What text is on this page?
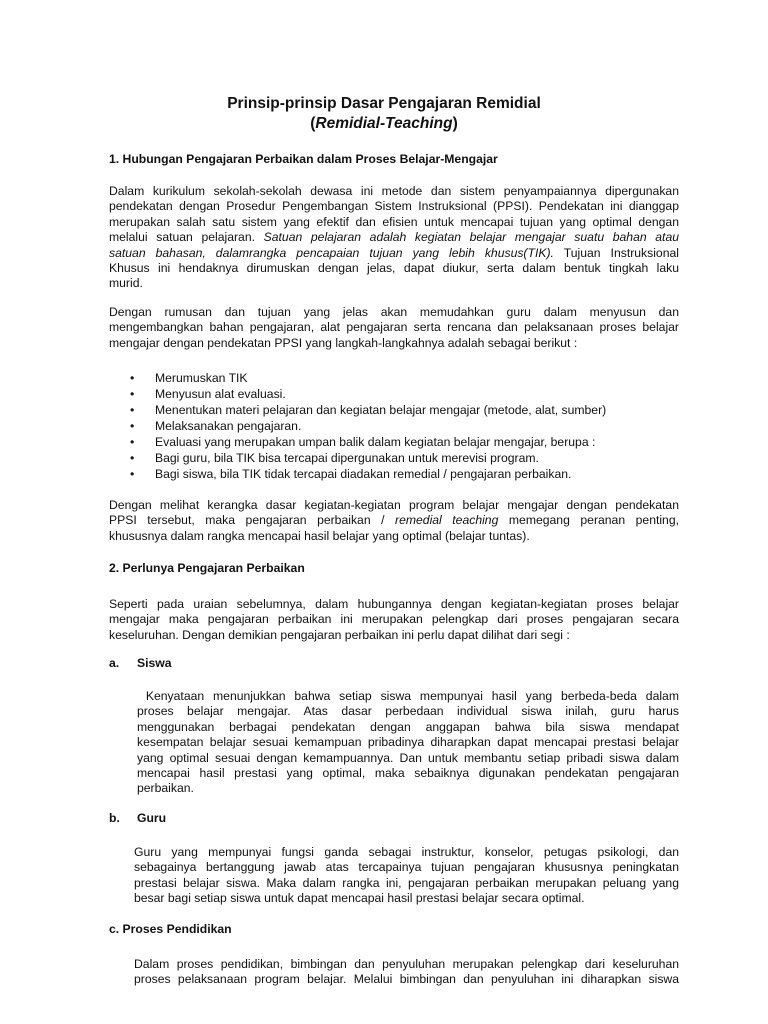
Prinsip-prinsip Dasar Pengajaran Remidial
(Remidial-Teaching)
1. Hubungan Pengajaran Perbaikan dalam Proses Belajar-Mengajar
Dalam kurikulum sekolah-sekolah dewasa ini metode dan sistem penyampaiannya dipergunakan
pendekatan dengan Prosedur Pengembangan Sistem Instruksional (PPSI). Pendekatan ini dianggap
merupakan salah satu sistem yang efektif dan efisien untuk mencapai tujuan yang optimal dengan
melalui satuan pelajaran. Satuan pelajaran adalah kegiatan belajar mengajar suatu bahan atau
satuan bahasan, dalamrangka pencapaian tujuan yang lebih khusus(TIK). Tujuan Instruksional
Khusus ini hendaknya dirumuskan dengan jelas, dapat diukur, serta dalam bentuk tingkah laku
murid.
Dengan rumusan dan tujuan yang jelas akan memudahkan guru dalam menyusun dan
mengembangkan bahan pengajaran, alat pengajaran serta rencana dan pelaksanaan proses belajar
mengajar dengan pendekatan PPSI yang langkah-langkahnya adalah sebagai berikut :
• Merumuskan TIK
• Menyusun alat evaluasi.
• Menentukan materi pelajaran dan kegiatan belajar mengajar (metode, alat, sumber)
• Melaksanakan pengajaran.
• Evaluasi yang merupakan umpan balik dalam kegiatan belajar mengajar, berupa :
• Bagi guru, bila TIK bisa tercapai dipergunakan untuk merevisi program.
• Bagi siswa, bila TIK tidak tercapai diadakan remedial / pengajaran perbaikan.
Dengan melihat kerangka dasar kegiatan-kegiatan program belajar mengajar dengan pendekatan
PPSI tersebut, maka pengajaran perbaikan / remedial teaching memegang peranan penting,
khususnya dalam rangka mencapai hasil belajar yang optimal (belajar tuntas).
2. Perlunya Pengajaran Perbaikan
Seperti pada uraian sebelumnya, dalam hubungannya dengan kegiatan-kegiatan proses belajar
mengajar maka pengajaran perbaikan ini merupakan pelengkap dari proses pengajaran secara
keseluruhan. Dengan demikian pengajaran perbaikan ini perlu dapat dilihat dari segi :
a. Siswa
Kenyataan menunjukkan bahwa setiap siswa mempunyai hasil yang berbeda-beda dalam
proses belajar mengajar. Atas dasar perbedaan individual siswa inilah, guru harus
menggunakan berbagai pendekatan dengan anggapan bahwa bila siswa mendapat
kesempatan belajar sesuai kemampuan pribadinya diharapkan dapat mencapai prestasi belajar
yang optimal sesuai dengan kemampuannya. Dan untuk membantu setiap pribadi siswa dalam
mencapai hasil prestasi yang optimal, maka sebaiknya digunakan pendekatan pengajaran
perbaikan.
b. Guru
Guru yang mempunyai fungsi ganda sebagai instruktur, konselor, petugas psikologi, dan
sebagainya bertanggung jawab atas tercapainya tujuan pengajaran khususnya peningkatan
prestasi belajar siswa. Maka dalam rangka ini, pengajaran perbaikan merupakan peluang yang
besar bagi setiap siswa untuk dapat mencapai hasil prestasi belajar secara optimal.
c. Proses Pendidikan
Dalam proses pendidikan, bimbingan dan penyuluhan merupakan pelengkap dari keseluruhan
proses pelaksanaan program belajar. Melalui bimbingan dan penyuluhan ini diharapkan siswa
